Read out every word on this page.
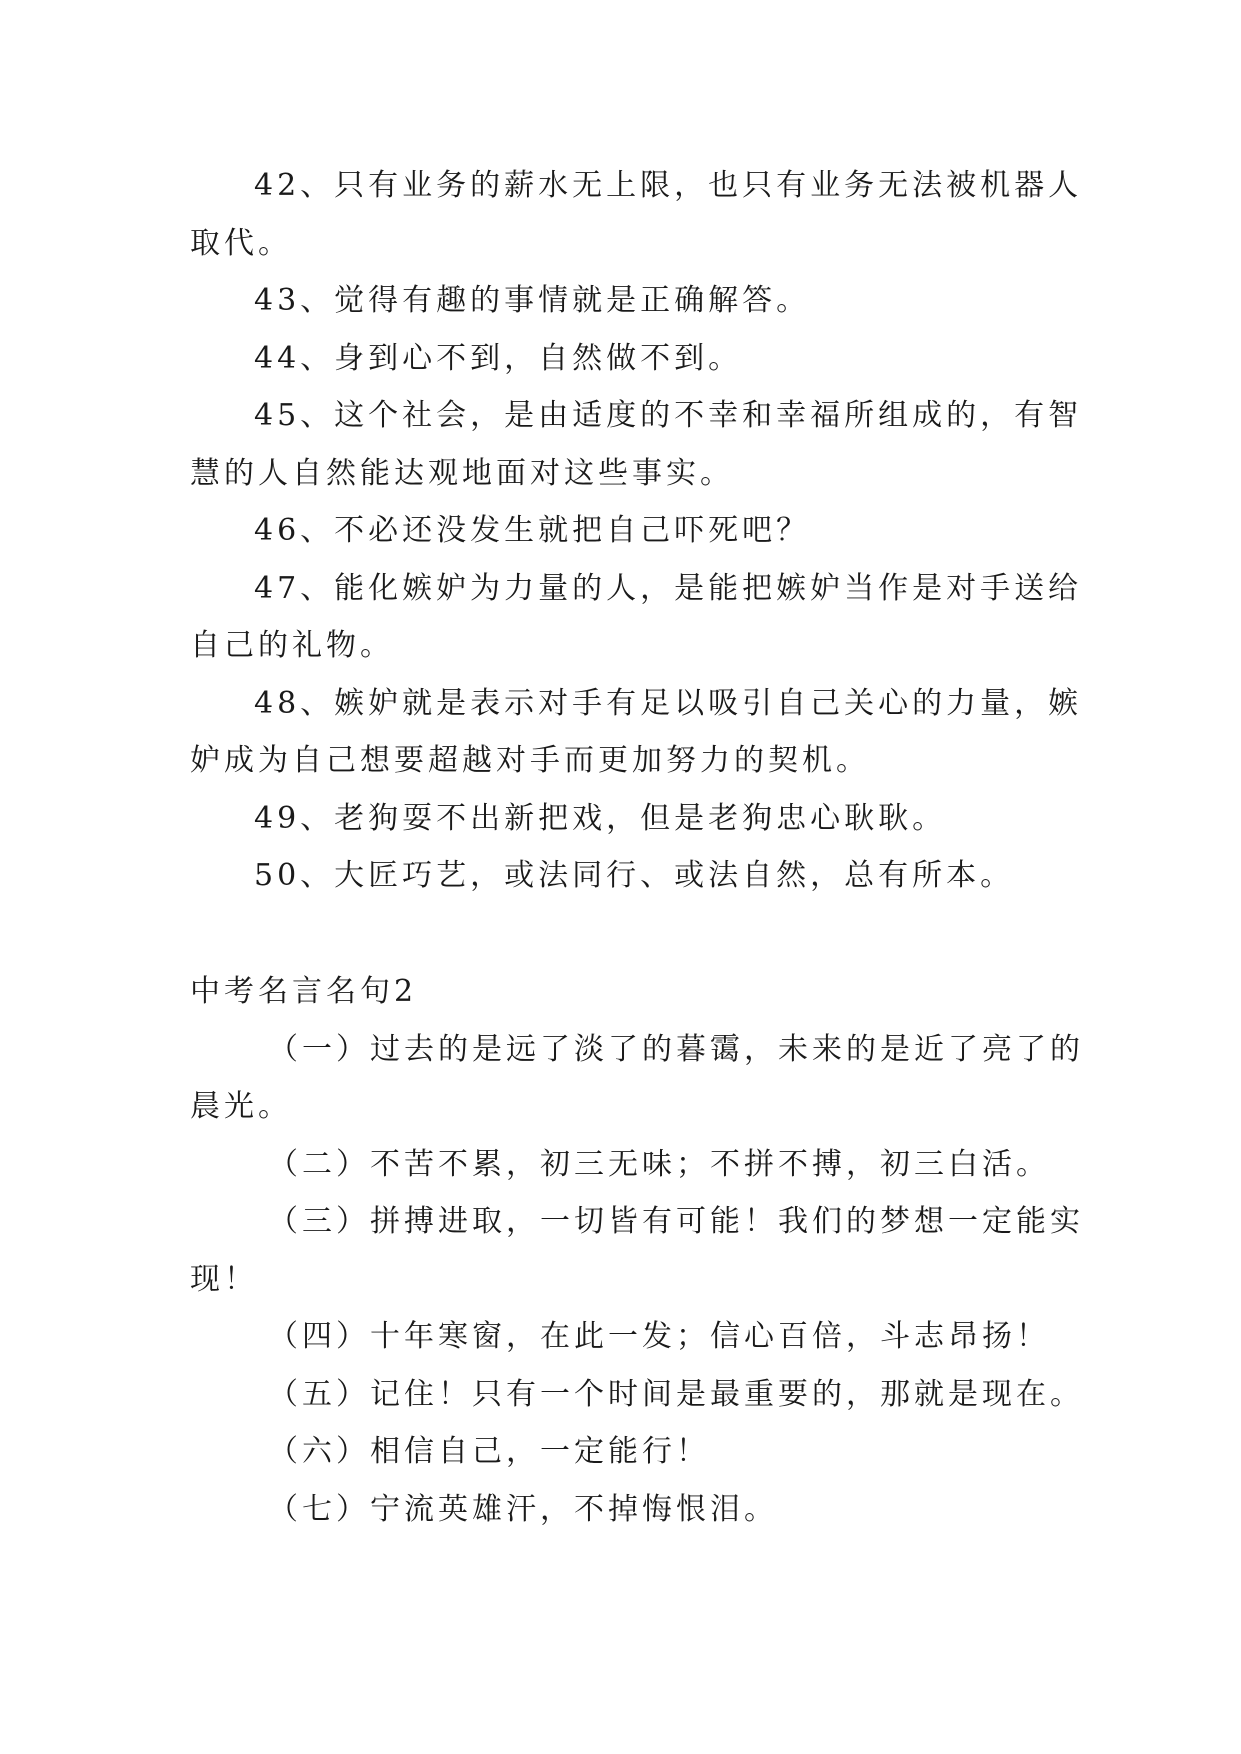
42、只有业务的薪水无上限，也只有业务无法被机器人
取代。
43、觉得有趣的事情就是正确解答。
44、身到心不到，自然做不到。
45、这个社会，是由适度的不幸和幸福所组成的，有智
慧的人自然能达观地面对这些事实。
46、不必还没发生就把自己吓死吧？
47、能化嫉妒为力量的人，是能把嫉妒当作是对手送给
自己的礼物。
48、嫉妒就是表示对手有足以吸引自己关心的力量，嫉
妒成为自己想要超越对手而更加努力的契机。
49、老狗耍不出新把戏，但是老狗忠心耿耿。
50、大匠巧艺，或法同行、或法自然，总有所本。
中考名言名句2
（一）过去的是远了淡了的暮霭，未来的是近了亮了的
晨光。
（二）不苦不累，初三无味；不拼不搏，初三白活。
（三）拼搏进取，一切皆有可能！我们的梦想一定能实
现！
（四）十年寒窗，在此一发；信心百倍，斗志昂扬！
（五）记住！只有一个时间是最重要的，那就是现在。
（六）相信自己，一定能行！
（七）宁流英雄汗，不掉悔恨泪。
